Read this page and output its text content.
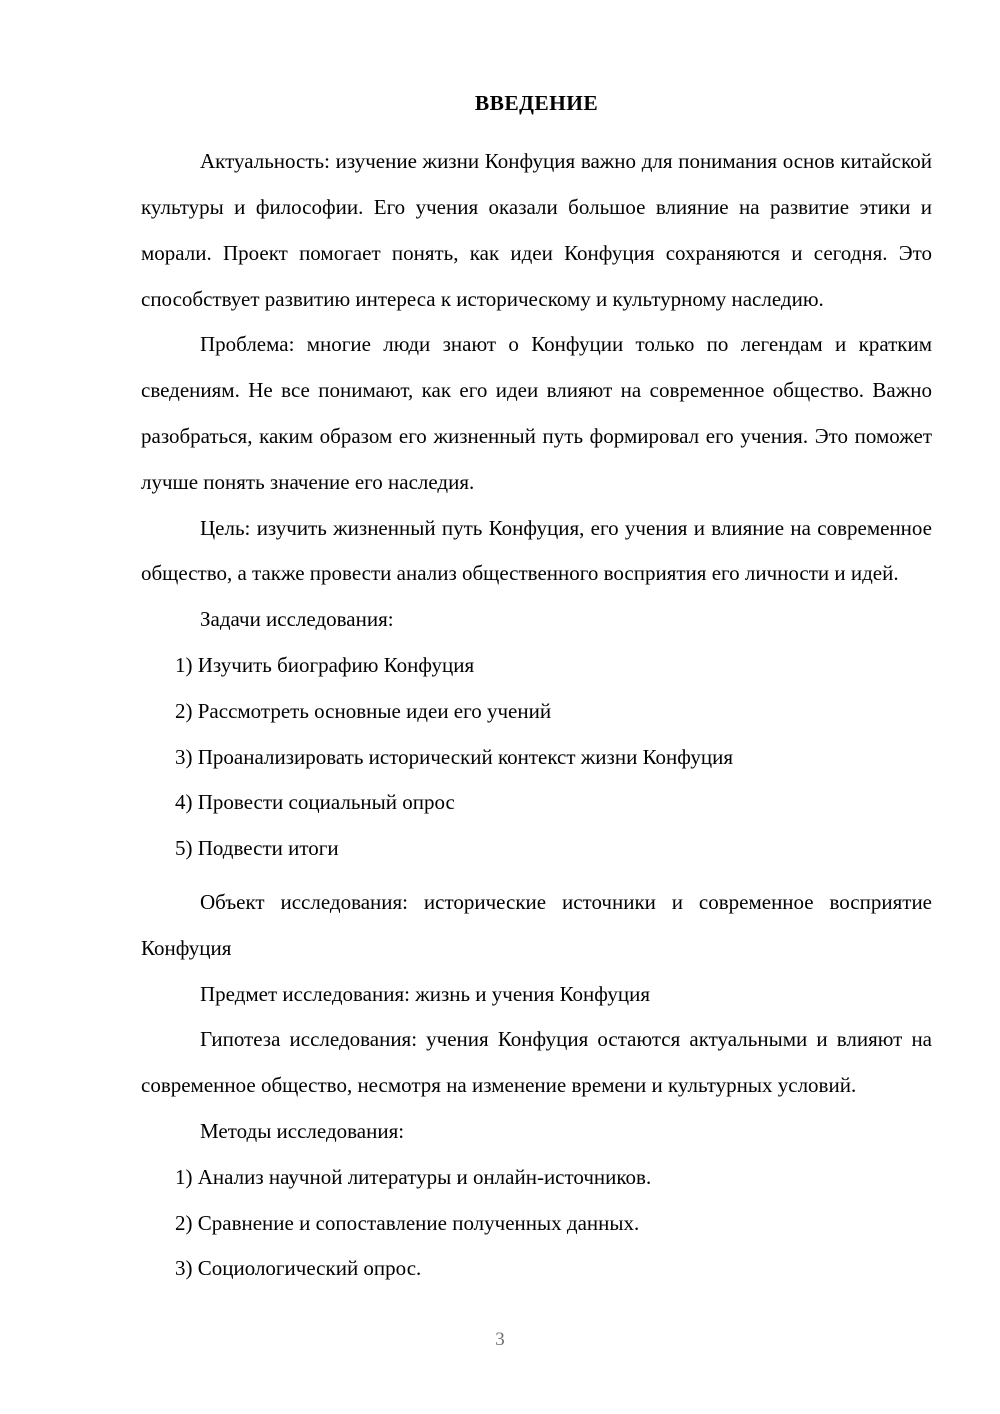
ВВЕДЕНИЕ

Актуальность: изучение жизни Конфуция важно для понимания основ китайской культуры и философии. Его учения оказали большое влияние на развитие этики и морали. Проект помогает понять, как идеи Конфуция сохраняются и сегодня. Это способствует развитию интереса к историческому и культурному наследию.

Проблема: многие люди знают о Конфуции только по легендам и кратким сведениям. Не все понимают, как его идеи влияют на современное общество. Важно разобраться, каким образом его жизненный путь формировал его учения. Это поможет лучше понять значение его наследия.

Цель: изучить жизненный путь Конфуция, его учения и влияние на современное общество, а также провести анализ общественного восприятия его личности и идей.

Задачи исследования:

1) Изучить биографию Конфуция
2) Рассмотреть основные идеи его учений
3) Проанализировать исторический контекст жизни Конфуция
4) Провести социальный опрос
5) Подвести итоги

Объект исследования: исторические источники и современное восприятие Конфуция

Предмет исследования: жизнь и учения Конфуция

Гипотеза исследования: учения Конфуция остаются актуальными и влияют на современное общество, несмотря на изменение времени и культурных условий.

Методы исследования:

1) Анализ научной литературы и онлайн-источников.
2) Сравнение и сопоставление полученных данных.
3) Социологический опрос.
3
